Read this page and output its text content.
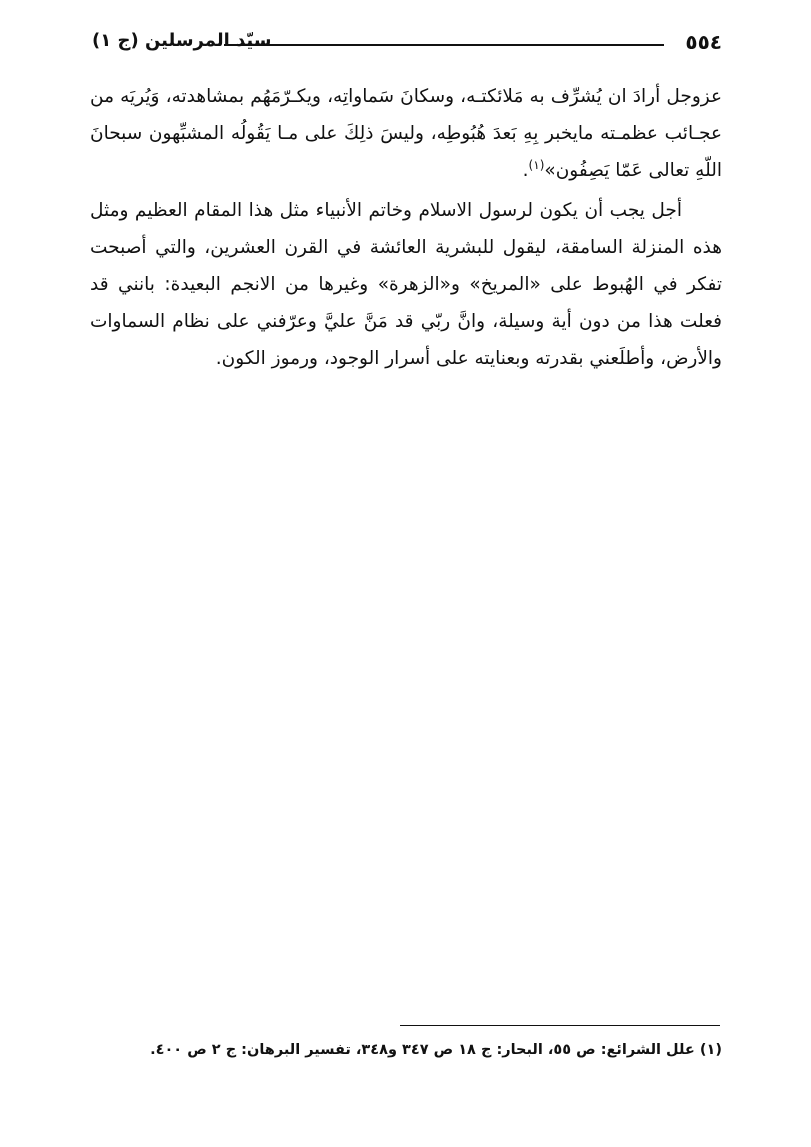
٥٥٤
سيّد المرسلين (ج ١)

عزوجل أرادَ ان يُشرِّف به مَلائكتـه، وسكانَ سَماواتِه، ويكـرّمَهُم بمشاهدته، وَيُريَه من عجـائب عظمـته مايخبر بِهِ بَعدَ هُبُوطِه، وليسَ ذلِكَ على مـا يَقُولُه المشبِّهون سبحانَ اللّهِ تعالى عَمّا يَصِفُون»$^{(١)}$.

أجل يجب أن يكون لرسول الاسلام وخاتم الأنبياء مثل هذا المقام العظيم ومثل هذه المنزلة السامقة، ليقول للبشرية العائشة في القرن العشرين، والتي أصبحت تفكر في الهُبوط على «المريخ» و«الزهرة» وغيرها من الانجم البعيدة: بانني قد فعلت هذا من دون أية وسيلة، وانَّ ربّي قد مَنَّ عليَّ وعرّفني على نظام السماوات والأرض، وأطلَعني بقدرته وبعنايته على أسرار الوجود، ورموز الكون.

(١) علل الشرائع: ص ٥٥، البحار: ج ١٨ ص ٣٤٧ و٣٤٨، تفسير البرهان: ج ٢ ص ٤٠٠.
